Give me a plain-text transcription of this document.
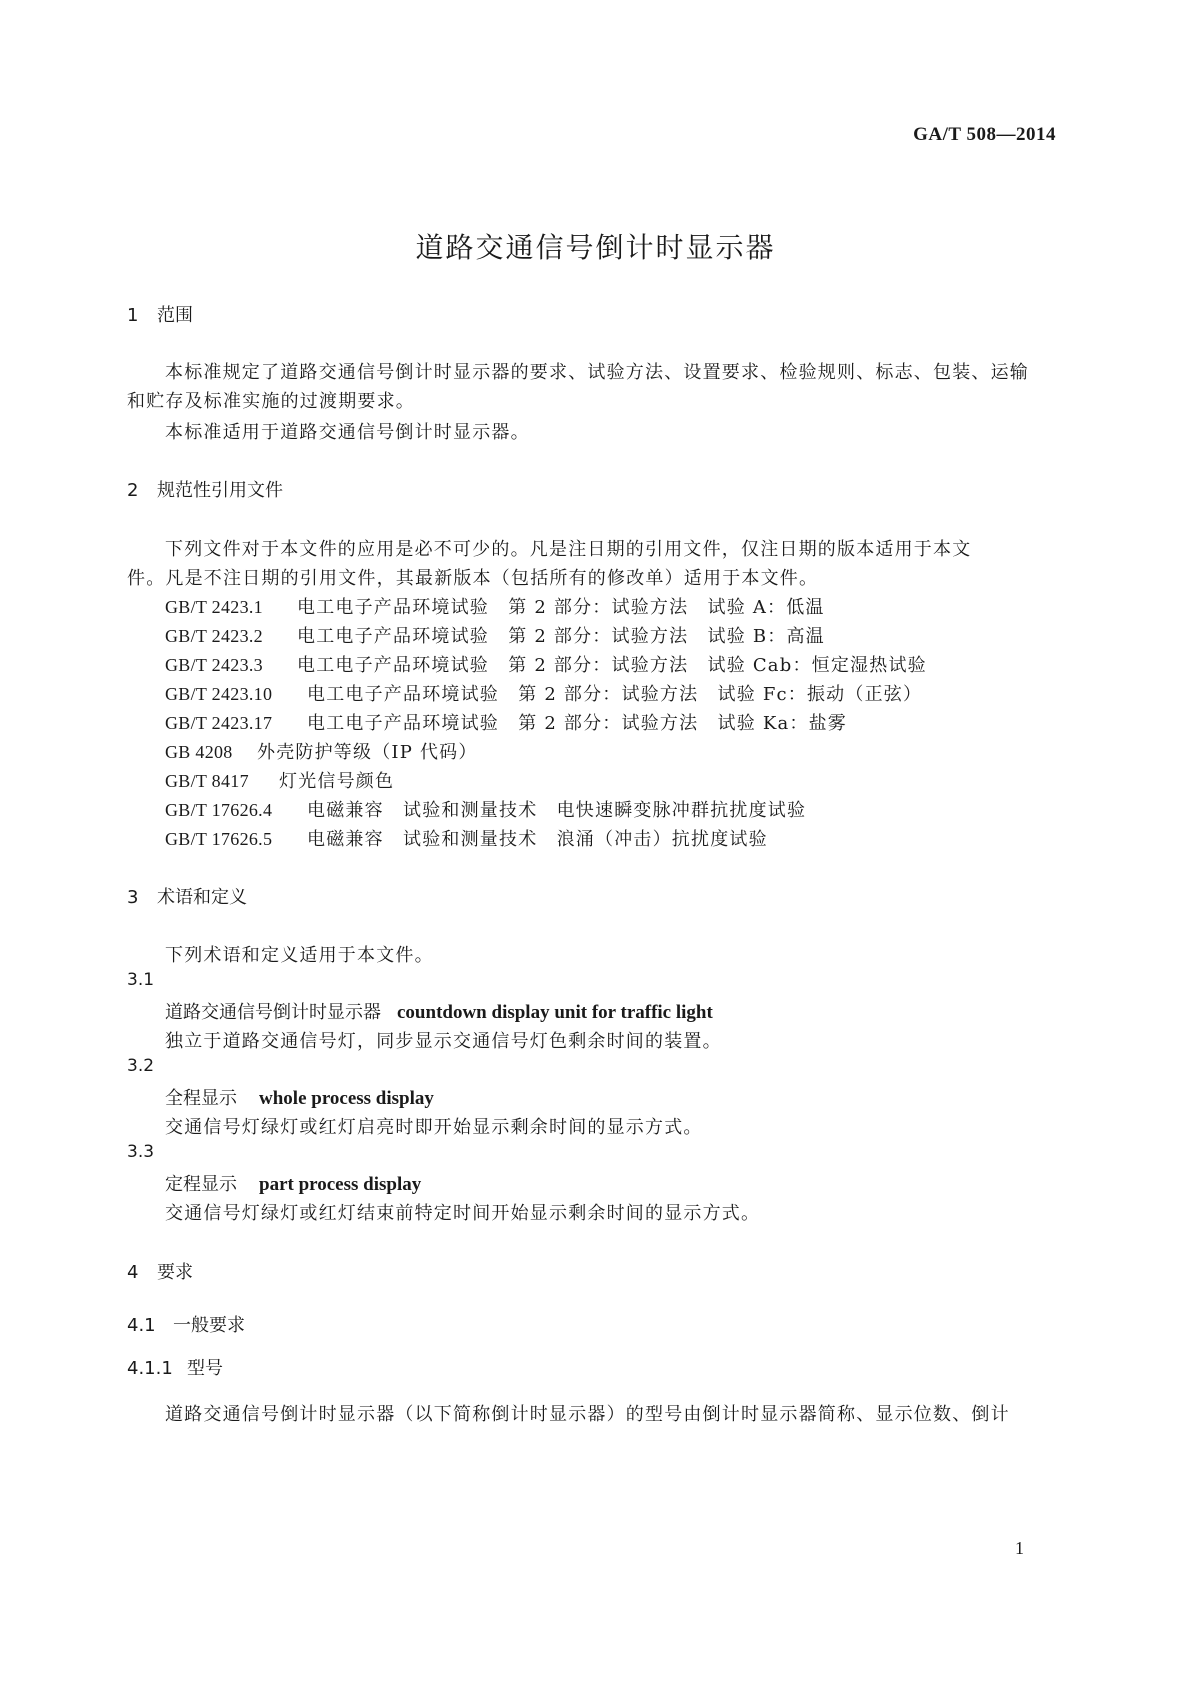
GA/T 508—2014
道路交通信号倒计时显示器
1 范围
本标准规定了道路交通信号倒计时显示器的要求、试验方法、设置要求、检验规则、标志、包装、运输
和贮存及标准实施的过渡期要求。
本标准适用于道路交通信号倒计时显示器。
2 规范性引用文件
下列文件对于本文件的应用是必不可少的。凡是注日期的引用文件，仅注日期的版本适用于本文
件。凡是不注日期的引用文件，其最新版本（包括所有的修改单）适用于本文件。
GB/T 2423.1 电工电子产品环境试验　第 2 部分：试验方法　试验 A：低温
GB/T 2423.2 电工电子产品环境试验　第 2 部分：试验方法　试验 B：高温
GB/T 2423.3 电工电子产品环境试验　第 2 部分：试验方法　试验 Cab：恒定湿热试验
GB/T 2423.10 电工电子产品环境试验　第 2 部分：试验方法　试验 Fc：振动（正弦）
GB/T 2423.17 电工电子产品环境试验　第 2 部分：试验方法　试验 Ka：盐雾
GB 4208 外壳防护等级（IP 代码）
GB/T 8417 灯光信号颜色
GB/T 17626.4 电磁兼容　试验和测量技术　电快速瞬变脉冲群抗扰度试验
GB/T 17626.5 电磁兼容　试验和测量技术　浪涌（冲击）抗扰度试验
3 术语和定义
下列术语和定义适用于本文件。
3.1
道路交通信号倒计时显示器 countdown display unit for traffic light
独立于道路交通信号灯，同步显示交通信号灯色剩余时间的装置。
3.2
全程显示 whole process display
交通信号灯绿灯或红灯启亮时即开始显示剩余时间的显示方式。
3.3
定程显示 part process display
交通信号灯绿灯或红灯结束前特定时间开始显示剩余时间的显示方式。
4 要求
4.1 一般要求
4.1.1 型号
道路交通信号倒计时显示器（以下简称倒计时显示器）的型号由倒计时显示器简称、显示位数、倒计
1
